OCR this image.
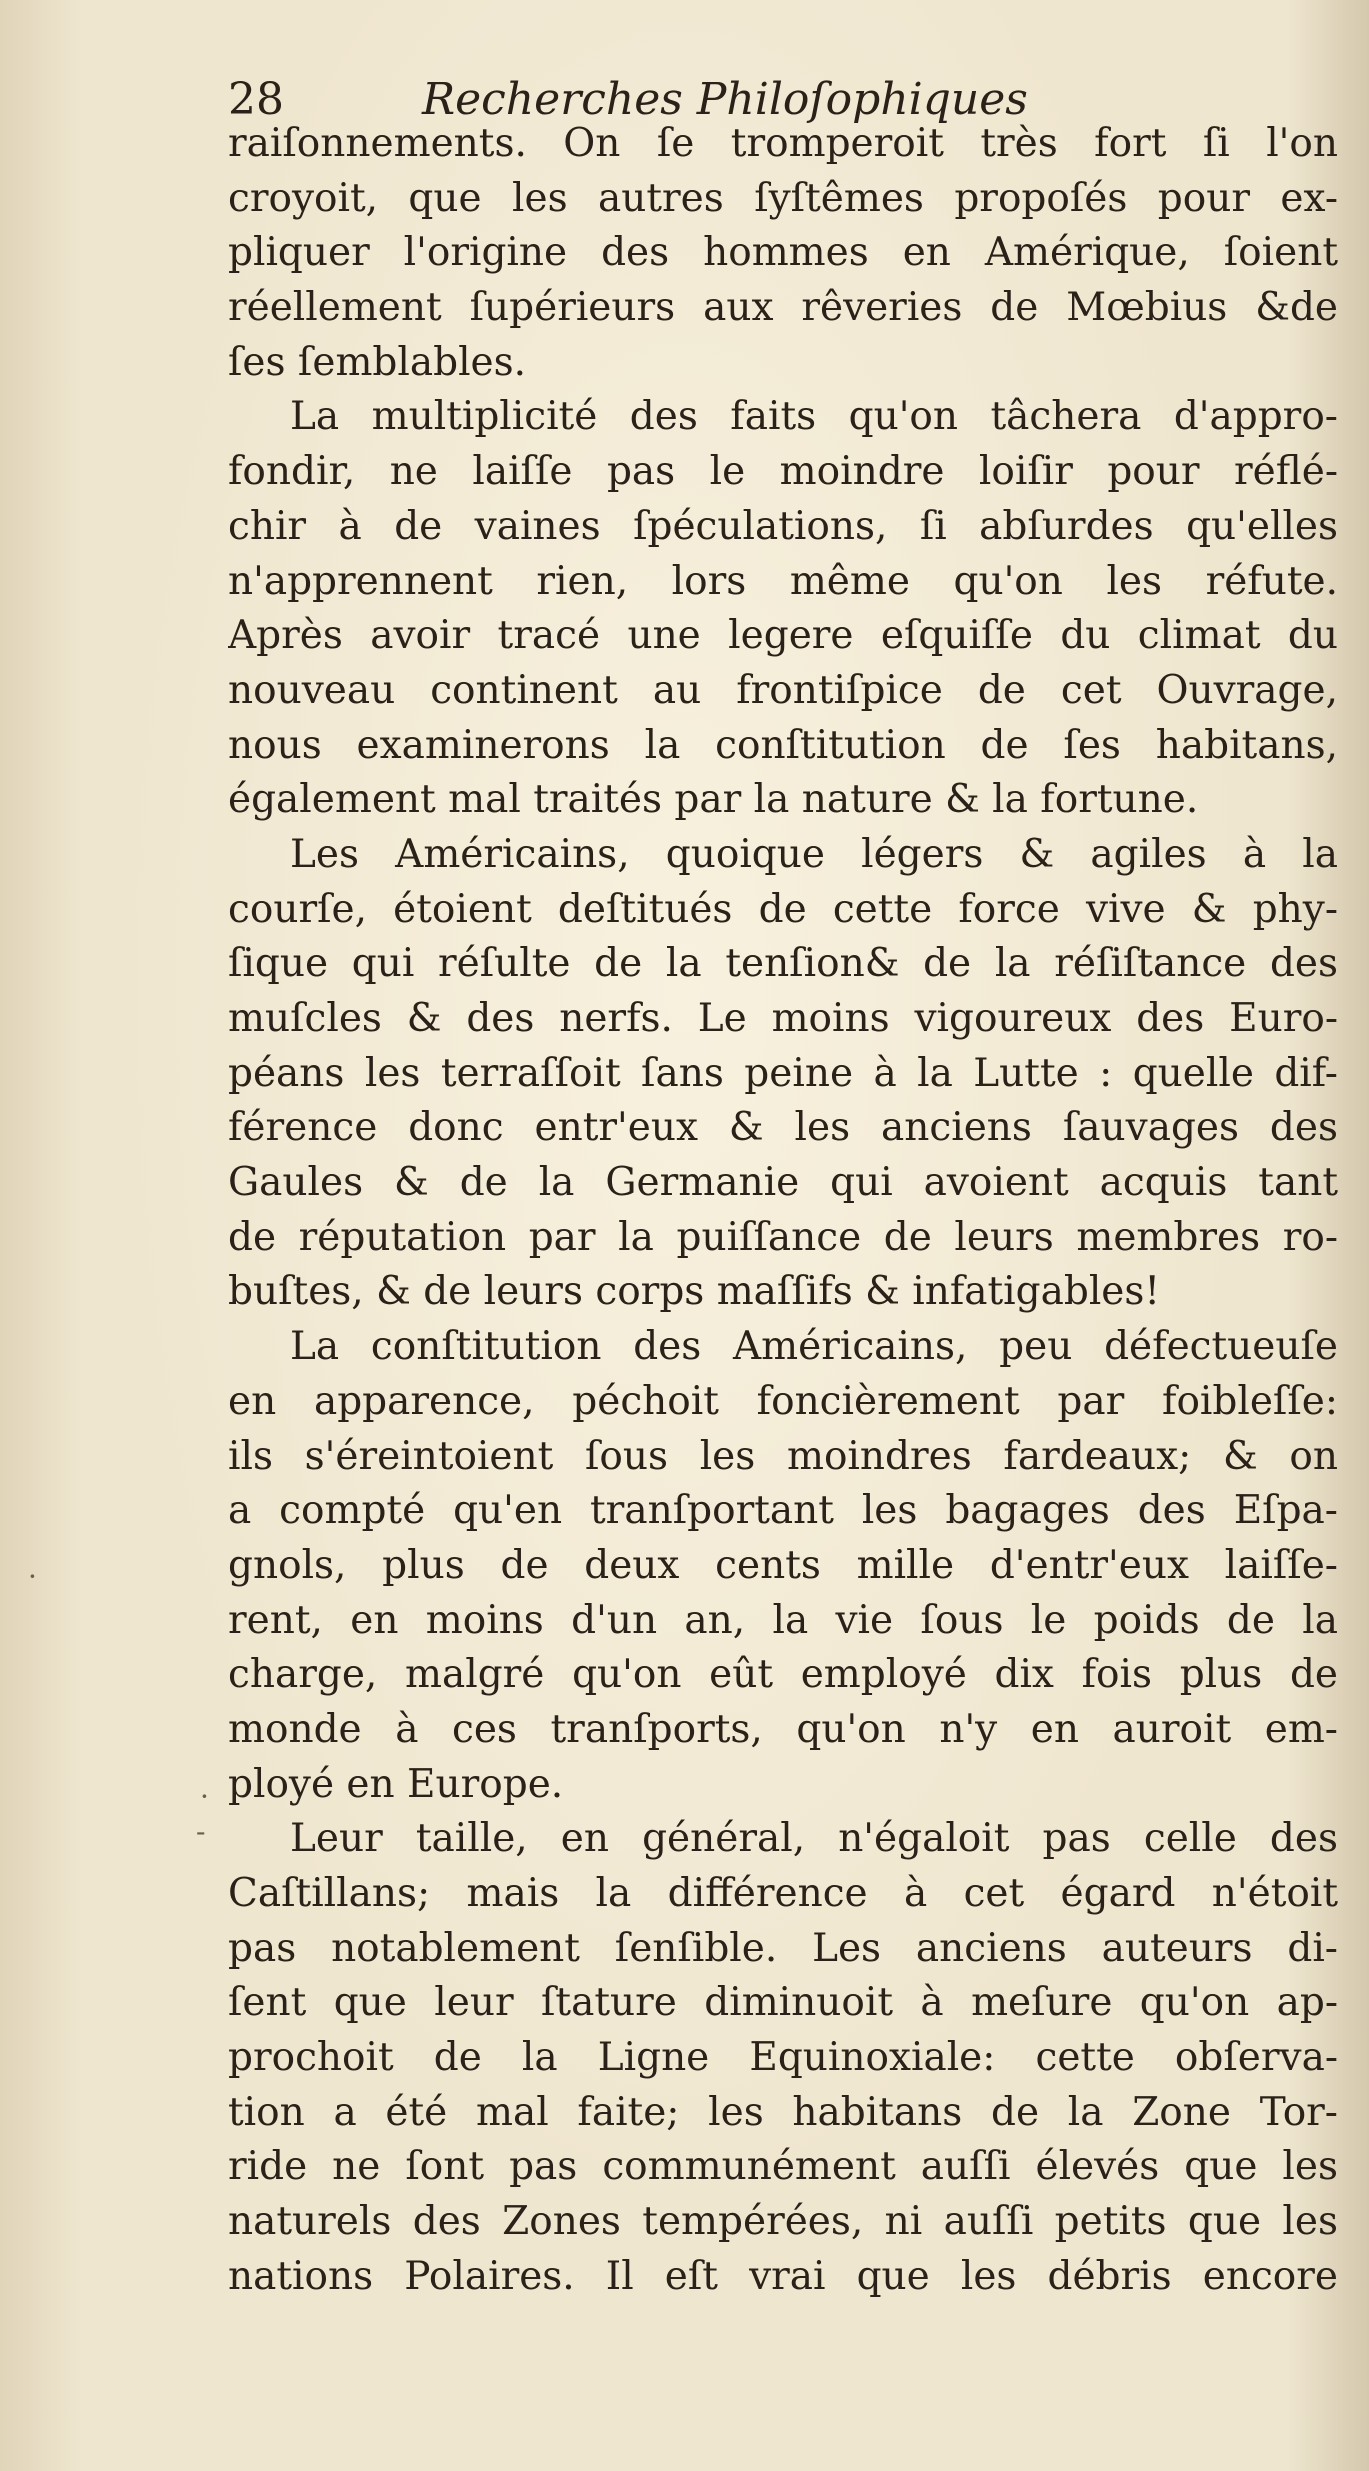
28	Recherches Philoſophiques
raiſonnements. On ſe tromperoit très fort ſi l'on
croyoit, que les autres ſyſtêmes propoſés pour ex-
pliquer l'origine des hommes en Amérique, ſoient
réellement ſupérieurs aux rêveries de Mœbius &de
ſes ſemblables.
La multiplicité des faits qu'on tâchera d'appro-
fondir, ne laiſſe pas le moindre loiſir pour réflé-
chir à de vaines ſpéculations, ſi abſurdes qu'elles
n'apprennent rien, lors même qu'on les réfute.
Après avoir tracé une legere eſquiſſe du climat du
nouveau continent au frontiſpice de cet Ouvrage,
nous examinerons la conſtitution de ſes habitans,
également mal traités par la nature & la fortune.
Les Américains, quoique légers & agiles à la
courſe, étoient deſtitués de cette force vive & phy-
ſique qui réſulte de la tenſion& de la réſiſtance des
muſcles & des nerfs. Le moins vigoureux des Euro-
péans les terraſſoit ſans peine à la Lutte : quelle dif-
férence donc entr'eux & les anciens ſauvages des
Gaules & de la Germanie qui avoient acquis tant
de réputation par la puiſſance de leurs membres ro-
buſtes, & de leurs corps maſſifs & infatigables!
La conſtitution des Américains, peu défectueuſe
en apparence, péchoit foncièrement par foibleſſe:
ils s'éreintoient ſous les moindres fardeaux; & on
a compté qu'en tranſportant les bagages des Eſpa-
gnols, plus de deux cents mille d'entr'eux laiſſe-
rent, en moins d'un an, la vie ſous le poids de la
charge, malgré qu'on eût employé dix fois plus de
monde à ces tranſports, qu'on n'y en auroit em-
ployé en Europe.
Leur taille, en général, n'égaloit pas celle des
Caſtillans; mais la différence à cet égard n'étoit
pas notablement ſenſible. Les anciens auteurs di-
ſent que leur ſtature diminuoit à meſure qu'on ap-
prochoit de la Ligne Equinoxiale: cette obſerva-
tion a été mal faite; les habitans de la Zone Tor-
ride ne ſont pas communément auſſi élevés que les
naturels des Zones tempérées, ni auſſi petits que les
nations Polaires. Il eſt vrai que les débris encore
·
·
-
